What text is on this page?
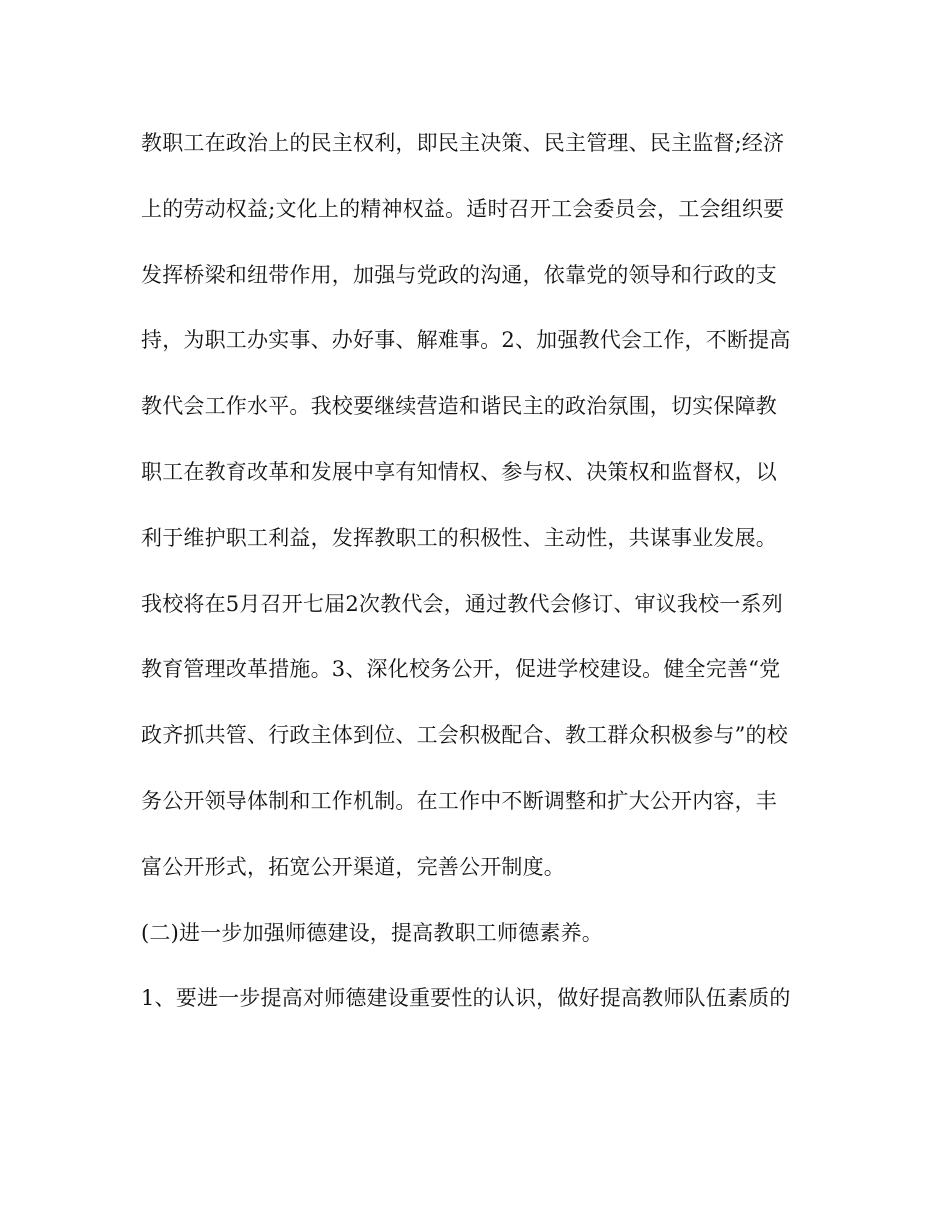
教职工在政治上的民主权利，即民主决策、民主管理、民主监督;经济
上的劳动权益;文化上的精神权益。适时召开工会委员会，工会组织要
发挥桥梁和纽带作用，加强与党政的沟通，依靠党的领导和行政的支
持，为职工办实事、办好事、解难事。2、加强教代会工作，不断提高
教代会工作水平。我校要继续营造和谐民主的政治氛围，切实保障教
职工在教育改革和发展中享有知情权、参与权、决策权和监督权，以
利于维护职工利益，发挥教职工的积极性、主动性，共谋事业发展。
我校将在5月召开七届2次教代会，通过教代会修订、审议我校一系列
教育管理改革措施。3、深化校务公开，促进学校建设。健全完善“党
政齐抓共管、行政主体到位、工会积极配合、教工群众积极参与”的校
务公开领导体制和工作机制。在工作中不断调整和扩大公开内容，丰
富公开形式，拓宽公开渠道，完善公开制度。
(二)进一步加强师德建设，提高教职工师德素养。
1、要进一步提高对师德建设重要性的认识，做好提高教师队伍素质的
